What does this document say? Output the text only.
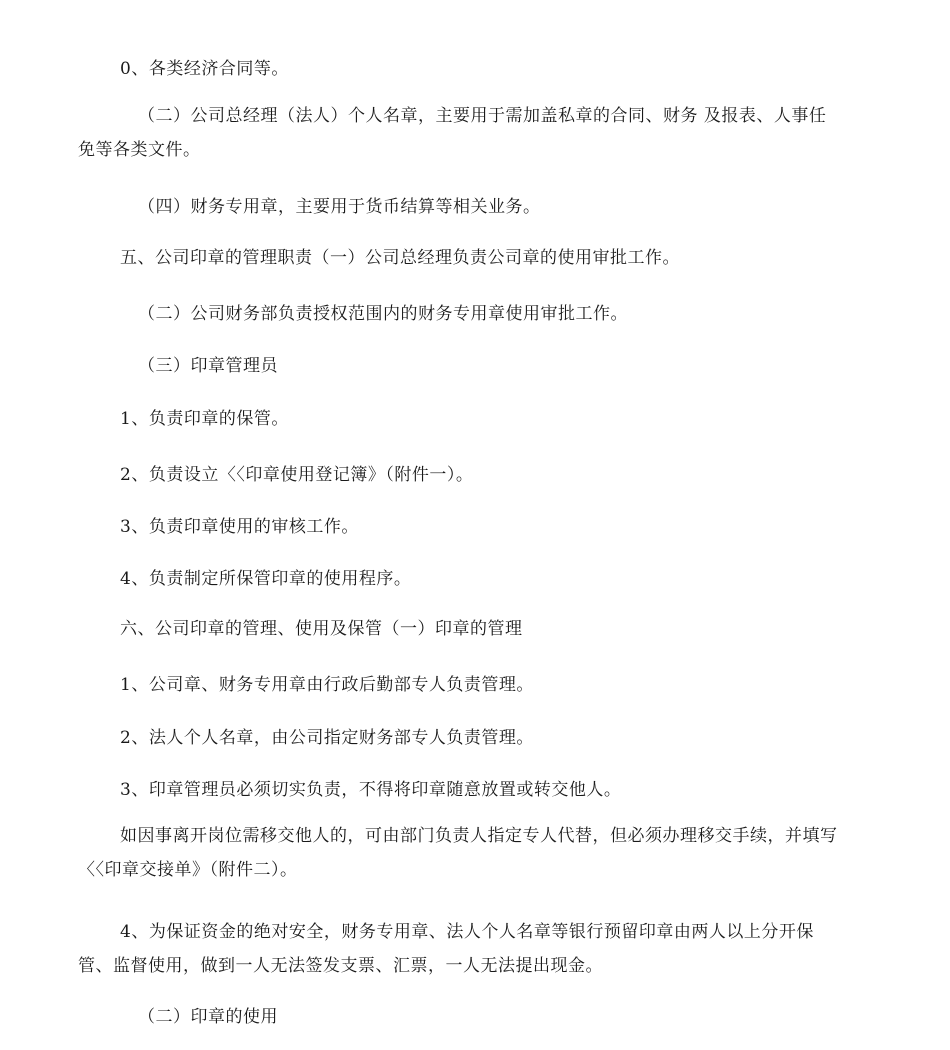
0、各类经济合同等。
（二）公司总经理（法人）个人名章，主要用于需加盖私章的合同、财务 及报表、人事任免等各类文件。
（四）财务专用章，主要用于货币结算等相关业务。
五、公司印章的管理职责（一）公司总经理负责公司章的使用审批工作。
（二）公司财务部负责授权范围内的财务专用章使用审批工作。
（三）印章管理员
1、负责印章的保管。
2、负责设立〈〈印章使用登记簿》（附件一）。
3、负责印章使用的审核工作。
4、负责制定所保管印章的使用程序。
六、公司印章的管理、使用及保管（一）印章的管理
1、公司章、财务专用章由行政后勤部专人负责管理。
2、法人个人名章，由公司指定财务部专人负责管理。
3、印章管理员必须切实负责，不得将印章随意放置或转交他人。
如因事离开岗位需移交他人的，可由部门负责人指定专人代替，但必须办理移交手续，并填写〈〈印章交接单》（附件二）。
4、为保证资金的绝对安全，财务专用章、法人个人名章等银行预留印章由两人以上分开保管、监督使用，做到一人无法签发支票、汇票，一人无法提出现金。
（二）印章的使用
